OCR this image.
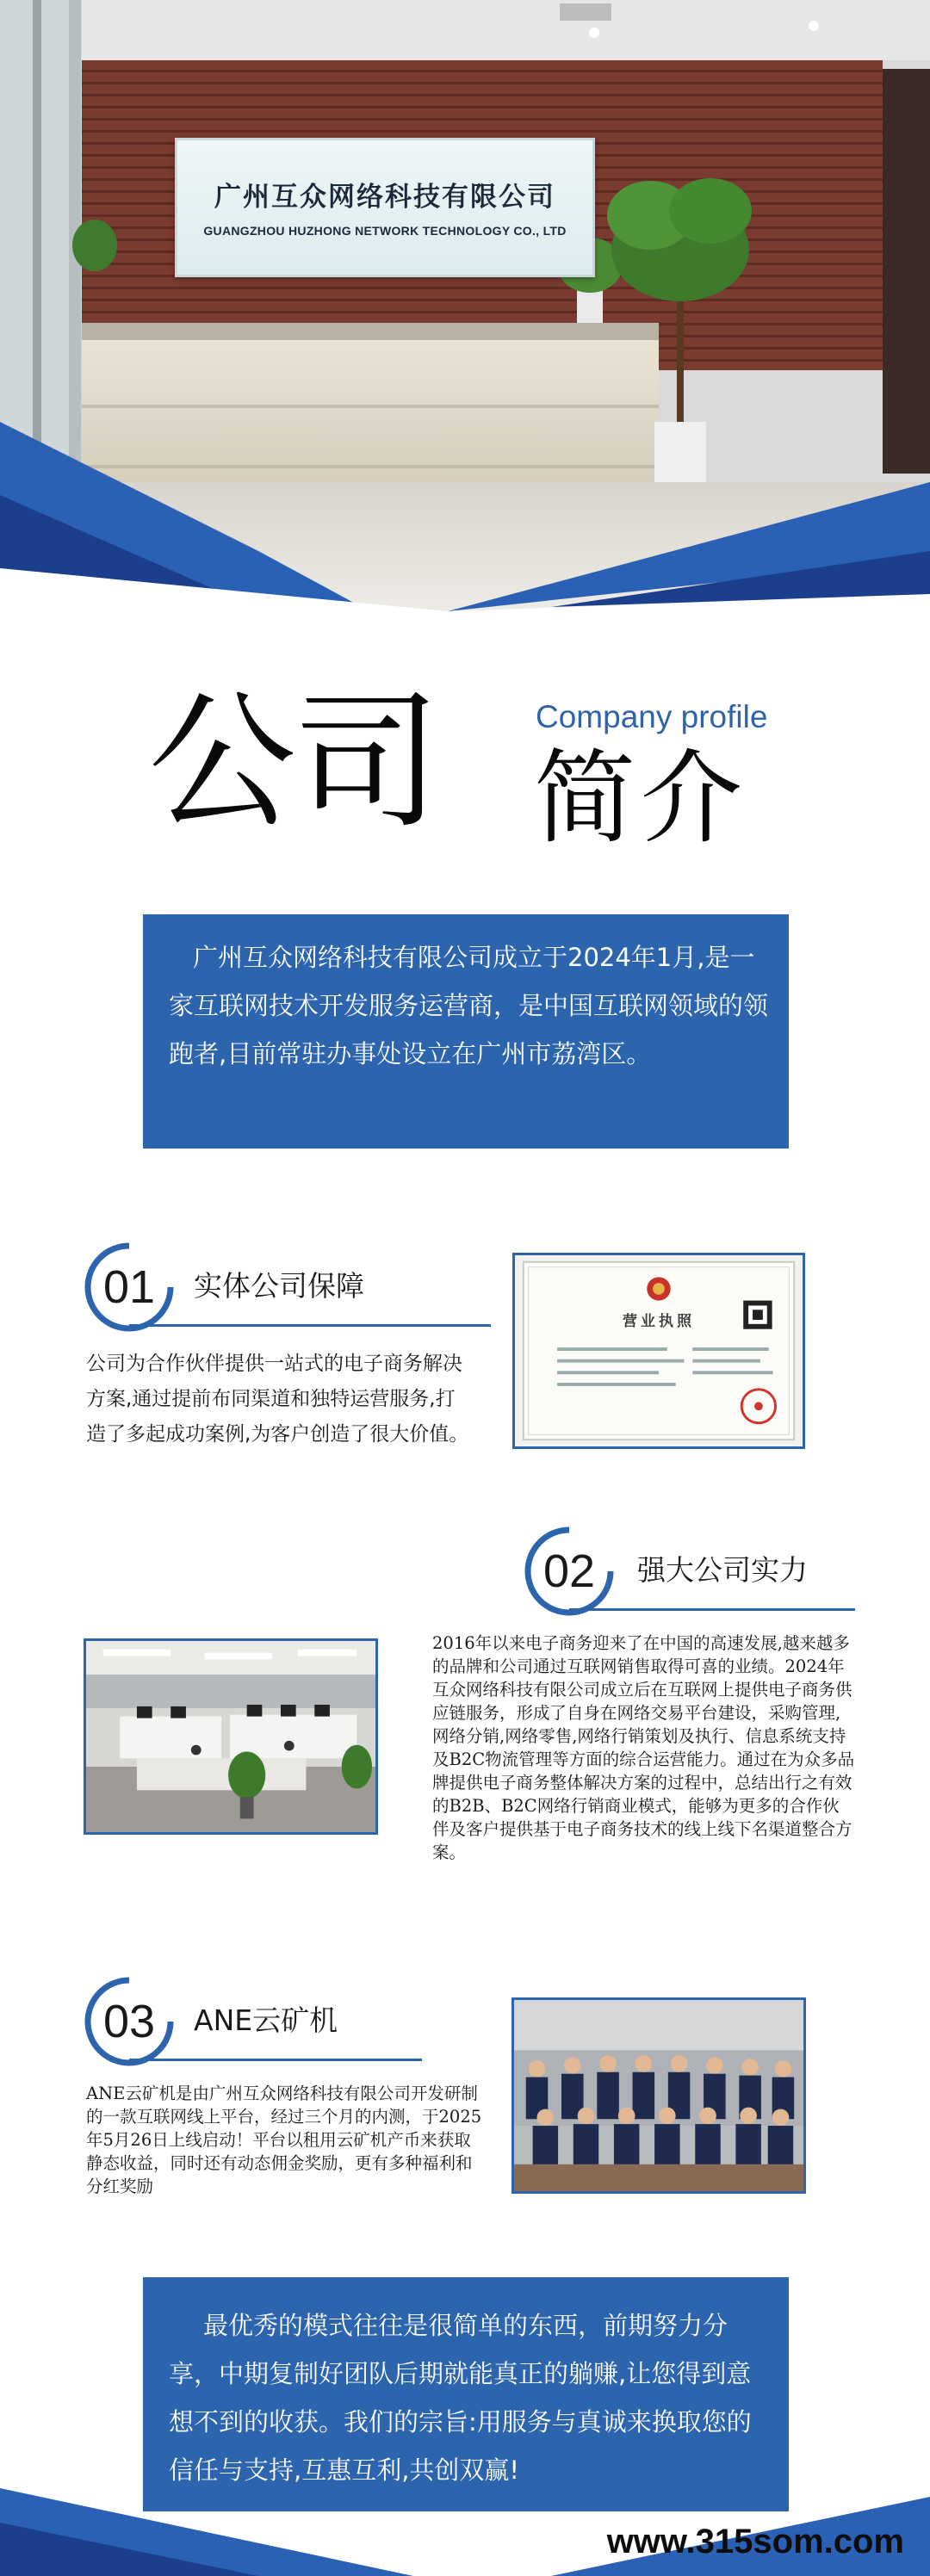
广州互众网络科技有限公司
GUANGZHOU HUZHONG NETWORK TECHNOLOGY CO., LTD
公司	Company profile
简介
广州互众网络科技有限公司成立于2024年1月,是一家互联网技术开发服务运营商，是中国互联网领域的领跑者,目前常驻办事处设立在广州市荔湾区。
01	实体公司保障
公司为合作伙伴提供一站式的电子商务解决方案,通过提前布同渠道和独特运营服务,打造了多起成功案例,为客户创造了很大价值。
营业执照
02	强大公司实力
2016年以来电子商务迎来了在中国的高速发展,越来越多的品牌和公司通过互联网销售取得可喜的业绩。2024年互众网络科技有限公司成立后在互联网上提供电子商务供应链服务，形成了自身在网络交易平台建设，采购管理,网络分销,网络零售,网络行销策划及执行、信息系统支持及B2C物流管理等方面的综合运营能力。通过在为众多品牌提供电子商务整体解决方案的过程中，总结出行之有效的B2B、B2C网络行销商业模式，能够为更多的合作伙伴及客户提供基于电子商务技术的线上线下名渠道整合方案。
03	ANE云矿机
ANE云矿机是由广州互众网络科技有限公司开发研制的一款互联网线上平台，经过三个月的内测，于2025年5月26日上线启动！平台以租用云矿机产币来获取静态收益，同时还有动态佣金奖励，更有多种福利和分红奖励
最优秀的模式往往是很简单的东西，前期努力分享，中期复制好团队后期就能真正的躺赚,让您得到意想不到的收获。我们的宗旨:用服务与真诚来换取您的信任与支持,互惠互利,共创双赢!
www.315som.com
